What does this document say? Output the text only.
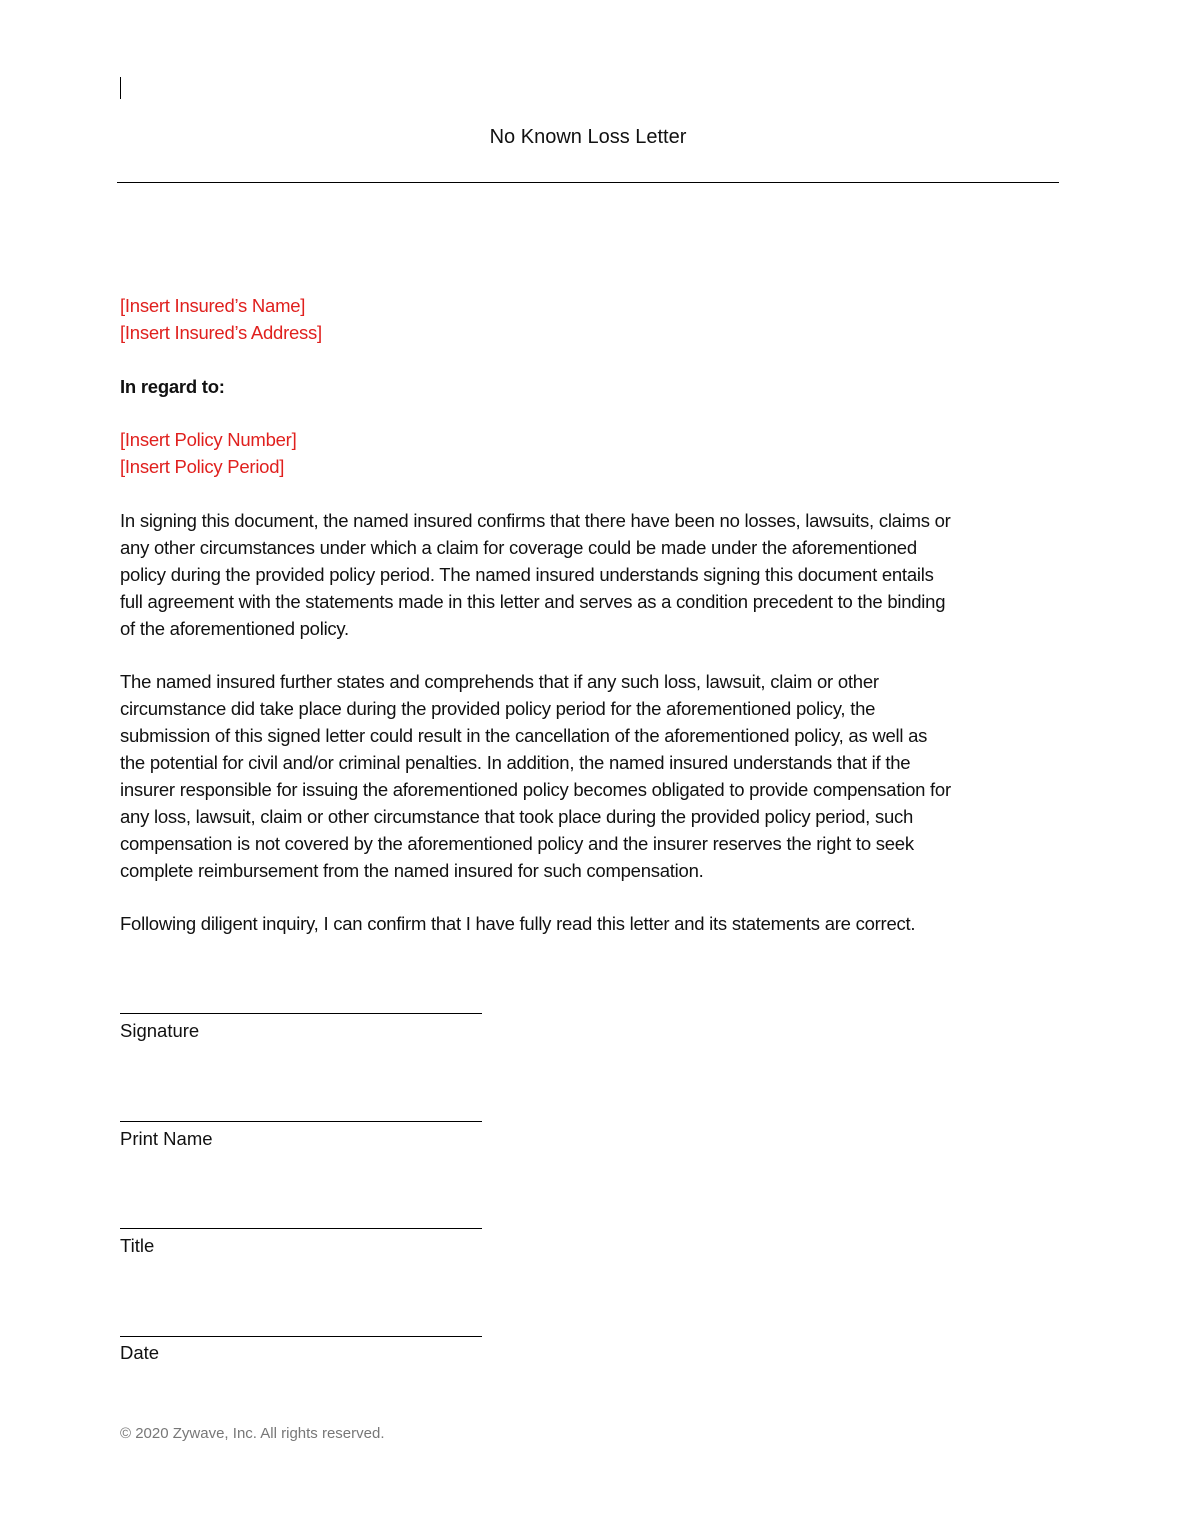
No Known Loss Letter
[Insert Insured’s Name]
[Insert Insured’s Address]
In regard to:
[Insert Policy Number]
[Insert Policy Period]
In signing this document, the named insured confirms that there have been no losses, lawsuits, claims or
any other circumstances under which a claim for coverage could be made under the aforementioned
policy during the provided policy period. The named insured understands signing this document entails
full agreement with the statements made in this letter and serves as a condition precedent to the binding
of the aforementioned policy.
The named insured further states and comprehends that if any such loss, lawsuit, claim or other
circumstance did take place during the provided policy period for the aforementioned policy, the
submission of this signed letter could result in the cancellation of the aforementioned policy, as well as
the potential for civil and/or criminal penalties. In addition, the named insured understands that if the
insurer responsible for issuing the aforementioned policy becomes obligated to provide compensation for
any loss, lawsuit, claim or other circumstance that took place during the provided policy period, such
compensation is not covered by the aforementioned policy and the insurer reserves the right to seek
complete reimbursement from the named insured for such compensation.
Following diligent inquiry, I can confirm that I have fully read this letter and its statements are correct.
Signature
Print Name
Title
Date
© 2020 Zywave, Inc. All rights reserved.
